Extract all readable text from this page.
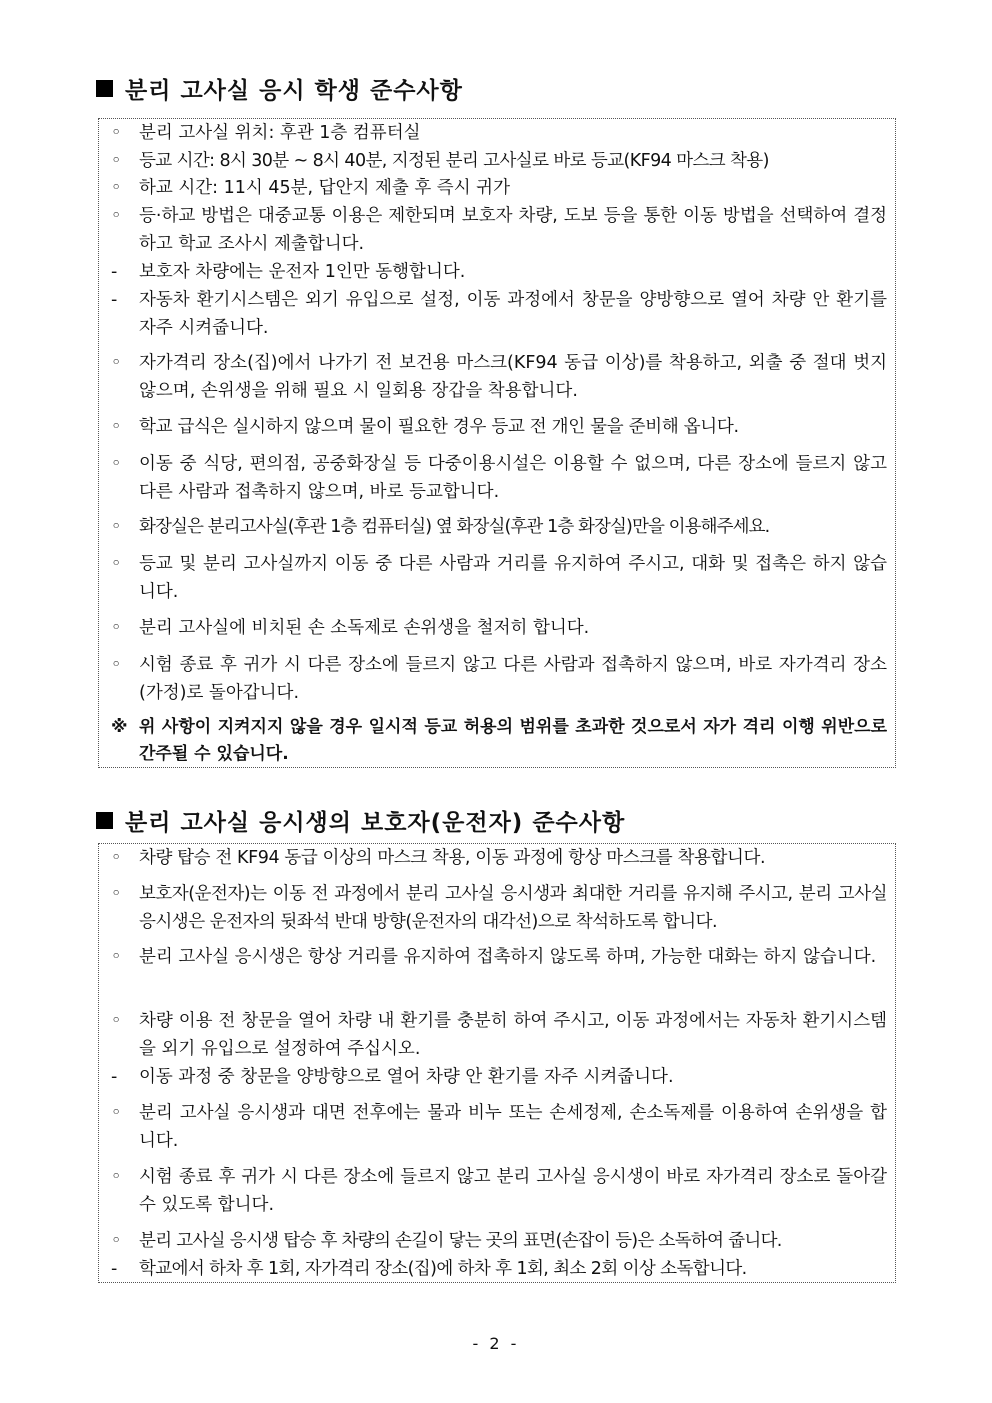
분리 고사실 응시 학생 준수사항
◦	분리 고사실 위치: 후관 1층 컴퓨터실
◦	등교 시간: 8시 30분 ~ 8시 40분, 지정된 분리 고사실로 바로 등교(KF94 마스크 착용)
◦	하교 시간: 11시 45분, 답안지 제출 후 즉시 귀가
◦	등·하교 방법은 대중교통 이용은 제한되며 보호자 차량, 도보 등을 통한 이동 방법을 선택하여 결정하고 학교 조사시 제출합니다.
-	보호자 차량에는 운전자 1인만 동행합니다.
-	자동차 환기시스템은 외기 유입으로 설정, 이동 과정에서 창문을 양방향으로 열어 차량 안 환기를 자주 시켜줍니다.
◦	자가격리 장소(집)에서 나가기 전 보건용 마스크(KF94 동급 이상)를 착용하고, 외출 중 절대 벗지 않으며, 손위생을 위해 필요 시 일회용 장갑을 착용합니다.
◦	학교 급식은 실시하지 않으며 물이 필요한 경우 등교 전 개인 물을 준비해 옵니다.
◦	이동 중 식당, 편의점, 공중화장실 등 다중이용시설은 이용할 수 없으며, 다른 장소에 들르지 않고 다른 사람과 접촉하지 않으며, 바로 등교합니다.
◦	화장실은 분리고사실(후관 1층 컴퓨터실) 옆 화장실(후관 1층 화장실)만을 이용해주세요.
◦	등교 및 분리 고사실까지 이동 중 다른 사람과 거리를 유지하여 주시고, 대화 및 접촉은 하지 않습니다.
◦	분리 고사실에 비치된 손 소독제로 손위생을 철저히 합니다.
◦	시험 종료 후 귀가 시 다른 장소에 들르지 않고 다른 사람과 접촉하지 않으며, 바로 자가격리 장소(가정)로 돌아갑니다.
※ 위 사항이 지켜지지 않을 경우 일시적 등교 허용의 범위를 초과한 것으로서 자가 격리 이행 위반으로 간주될 수 있습니다.
분리 고사실 응시생의 보호자(운전자) 준수사항
◦	차량 탑승 전 KF94 동급 이상의 마스크 착용, 이동 과정에 항상 마스크를 착용합니다.
◦	보호자(운전자)는 이동 전 과정에서 분리 고사실 응시생과 최대한 거리를 유지해 주시고, 분리 고사실 응시생은 운전자의 뒷좌석 반대 방향(운전자의 대각선)으로 착석하도록 합니다.
◦	분리 고사실 응시생은 항상 거리를 유지하여 접촉하지 않도록 하며, 가능한 대화는 하지 않습니다.
◦	차량 이용 전 창문을 열어 차량 내 환기를 충분히 하여 주시고, 이동 과정에서는 자동차 환기시스템을 외기 유입으로 설정하여 주십시오.
-	이동 과정 중 창문을 양방향으로 열어 차량 안 환기를 자주 시켜줍니다.
◦	분리 고사실 응시생과 대면 전후에는 물과 비누 또는 손세정제, 손소독제를 이용하여 손위생을 합니다.
◦	시험 종료 후 귀가 시 다른 장소에 들르지 않고 분리 고사실 응시생이 바로 자가격리 장소로 돌아갈 수 있도록 합니다.
◦	분리 고사실 응시생 탑승 후 차량의 손길이 닿는 곳의 표면(손잡이 등)은 소독하여 줍니다.
-	학교에서 하차 후 1회, 자가격리 장소(집)에 하차 후 1회, 최소 2회 이상 소독합니다.
- 2 -
